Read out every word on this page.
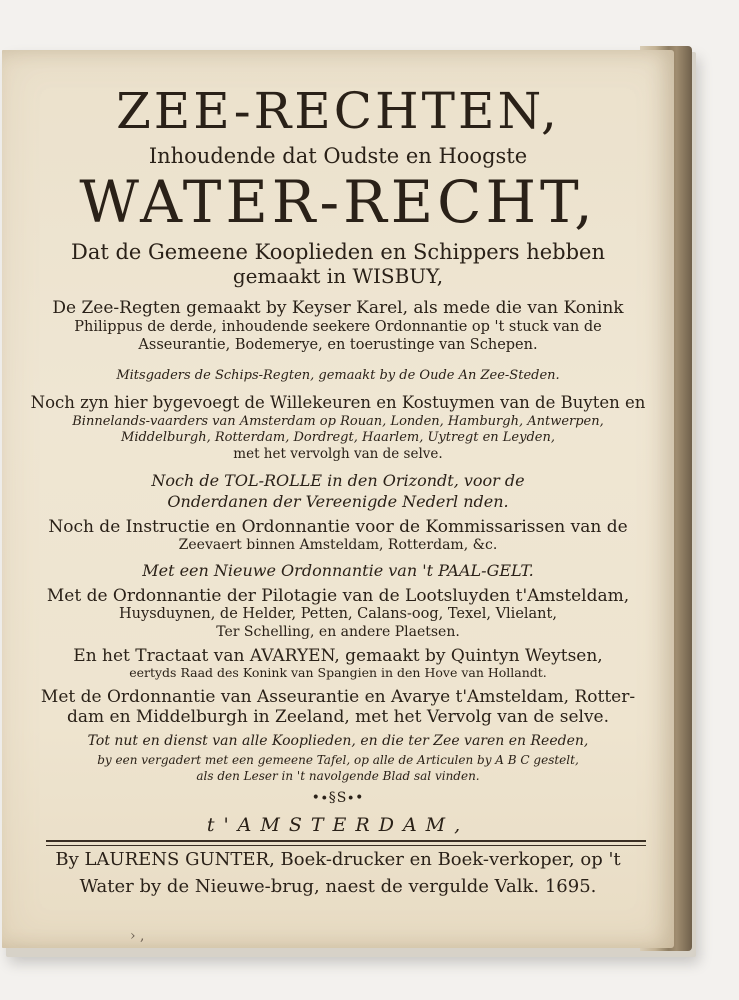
ZEE-RECHTEN,
Inhoudende dat Oudste en Hoogste
WATER-RECHT,
Dat de Gemeene Kooplieden en Schippers hebben
gemaakt in WISBUY,
De Zee-Regten gemaakt by Keyser Karel, als mede die van Konink
Philippus de derde, inhoudende seekere Ordonnantie op 't stuck van de
Asseurantie, Bodemerye, en toerustinge van Schepen.
Mitsgaders de Schips-Regten, gemaakt by de Oude An Zee-Steden.
Noch zyn hier bygevoegt de Willekeuren en Kostuymen van de Buyten en
Binnelands-vaarders van Amsterdam op Rouan, Londen, Hamburgh, Antwerpen,
Middelburgh, Rotterdam, Dordregt, Haarlem, Uytregt en Leyden,
met het vervolgh van de selve.
Noch de TOL-ROLLE in den Orizondt, voor de
Onderdanen der Vereenigde Nederl nden.
Noch de Instructie en Ordonnantie voor de Kommissarissen van de
Zeevaert binnen Amsteldam, Rotterdam, &c.
Met een Nieuwe Ordonnantie van 't PAAL-GELT.
Met de Ordonnantie der Pilotagie van de Lootsluyden t'Amsteldam,
Huysduynen, de Helder, Petten, Calans-oog, Texel, Vlielant,
Ter Schelling, en andere Plaetsen.
En het Tractaat van AVARYEN, gemaakt by Quintyn Weytsen,
eertyds Raad des Konink van Spangien in den Hove van Hollandt.
Met de Ordonnantie van Asseurantie en Avarye t'Amsteldam, Rotter-
dam en Middelburgh in Zeeland, met het Vervolg van de selve.
Tot nut en dienst van alle Kooplieden, en die ter Zee varen en Reeden,
by een vergadert met een gemeene Tafel, op alle de Articulen by A B C gestelt,
als den Leser in 't navolgende Blad sal vinden.
•∙§S∙•
t'AMSTERDAM,
By LAURENS GUNTER, Boek-drucker en Boek-verkoper, op 't
Water by de Nieuwe-brug, naest de vergulde Valk. 1695.
› ,
